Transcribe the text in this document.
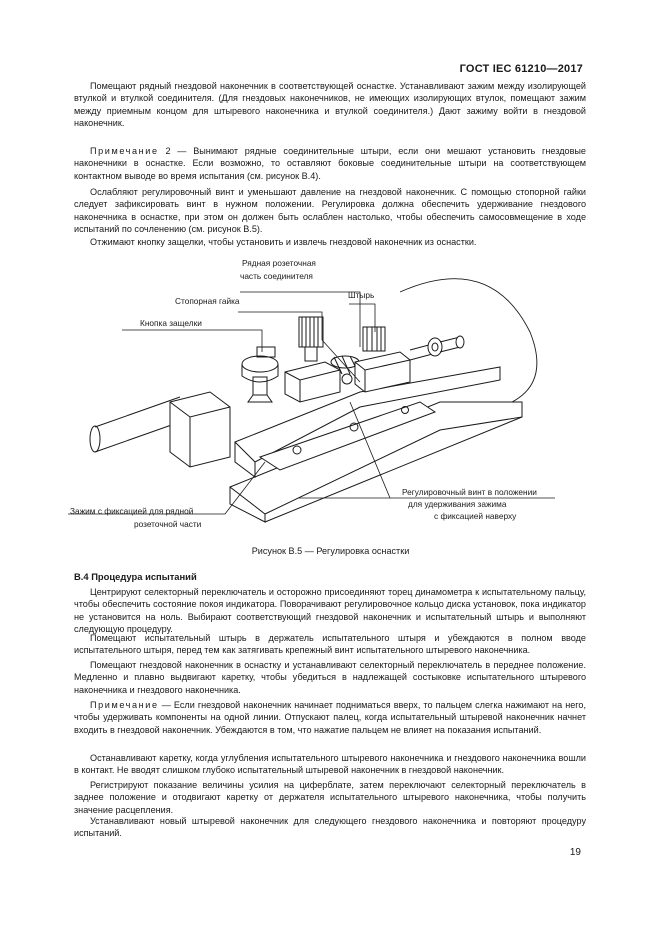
ГОСТ IEC 61210—2017

Помещают рядный гнездовой наконечник в соответствующей оснастке. Устанавливают зажим между изолирующей втулкой и втулкой соединителя. (Для гнездовых наконечников, не имеющих изолирующих втулок, помещают зажим между приемным концом для штыревого наконечника и втулкой соединителя.) Дают зажиму войти в гнездовой наконечник.

Примечание 2 — Вынимают рядные соединительные штыри, если они мешают установить гнездовые наконечники в оснастке. Если возможно, то оставляют боковые соединительные штыри на соответствующем контактном выводе во время испытания (см. рисунок В.4).

Ослабляют регулировочный винт и уменьшают давление на гнездовой наконечник. С помощью стопорной гайки следует зафиксировать винт в нужном положении. Регулировка должна обеспечить удерживание гнездового наконечника в оснастке, при этом он должен быть ослаблен настолько, чтобы обеспечить самосовмещение в ходе испытаний по сочленению (см. рисунок В.5).

Отжимают кнопку защелки, чтобы установить и извлечь гнездовой наконечник из оснастки.

Рядная розеточная
часть соединителя
Штырь
Стопорная гайка
Кнопка защелки
Регулировочный винт в положении
для удерживания зажима
с фиксацией наверху
Зажим с фиксацией для рядной
розеточной части
Рисунок В.5 — Регулировка оснастки
В.4 Процедура испытаний

Центрируют селекторный переключатель и осторожно присоединяют торец динамометра к испытательному пальцу, чтобы обеспечить состояние покоя индикатора. Поворачивают регулировочное кольцо диска установок, пока индикатор не установится на ноль. Выбирают соответствующий гнездовой наконечник и испытательный штырь и выполняют следующую процедуру.

Помещают испытательный штырь в держатель испытательного штыря и убеждаются в полном вводе испытательного штыря, перед тем как затягивать крепежный винт испытательного штыревого наконечника.

Помещают гнездовой наконечник в оснастку и устанавливают селекторный переключатель в переднее положение. Медленно и плавно выдвигают каретку, чтобы убедиться в надлежащей состыковке испытательного штыревого наконечника и гнездового наконечника.

Примечание — Если гнездовой наконечник начинает подниматься вверх, то пальцем слегка нажимают на него, чтобы удерживать компоненты на одной линии. Отпускают палец, когда испытательный штыревой наконечник начнет входить в гнездовой наконечник. Убеждаются в том, что нажатие пальцем не влияет на показания испытаний.

Останавливают каретку, когда углубления испытательного штыревого наконечника и гнездового наконечника вошли в контакт. Не вводят слишком глубоко испытательный штыревой наконечник в гнездовой наконечник.

Регистрируют показание величины усилия на циферблате, затем переключают селекторный переключатель в заднее положение и отодвигают каретку от держателя испытательного штыревого наконечника, чтобы получить значение расцепления.

Устанавливают новый штыревой наконечник для следующего гнездового наконечника и повторяют процедуру испытаний.

19
